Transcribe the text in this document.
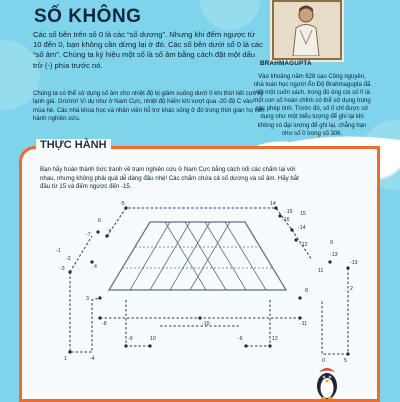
SỐ KHÔNG
Các số bên trên số 0 là các “số dương”. Nhưng khi đếm ngược từ 10 đến 0, bạn không cần dừng lại ở đó. Các số bên dưới số 0 là các “số âm”. Chúng ta ký hiệu một số là số âm bằng cách đặt một dấu trừ (-) phía trước nó.
Chúng ta có thể sử dụng số âm cho nhiệt độ bị giảm xuống dưới 0 khi thời tiết cực kỳ lạnh giá. Grừừừ! Ví dụ như ở Nam Cực, nhiệt độ hiếm khi vượt qua -20 độ C vào mùa hè. Các nhà khoa học và nhân viên hỗ trợ khác sống ở đó trong thời gian họ tiến hành nghiên cứu.
BRAHMAGUPTA
Vào khoảng năm 628 sau Công nguyên, nhà toán học người Ấn Độ Brahmagupta đã viết một cuốn sách, trong đó ông coi số 0 là một con số hoàn chỉnh có thể sử dụng trong các phép tính. Trước đó, số 0 chỉ được sử dụng như một biểu tượng để ghi lại khi không có đại lượng để ghi lại, chẳng hạn như số 0 trong số 306.
THỰC HÀNH
Bạn hãy hoàn thành bức tranh về trạm nghiên cứu ở Nam Cực bằng cách nối các chấm lại với nhau, nhưng không phải quả dễ dàng đâu nhé! Các chấm chứa cả số dương và số âm. Hãy bắt đầu từ 15 và đếm ngược đến -15.
-5	14
-15
-16
6
-14
7
-7
-12
-13
-3	4
-1
-2
-8	-10	-11
-9
-13
15
9
11
10	12
-6
8
3
1	-4	5
0
2
